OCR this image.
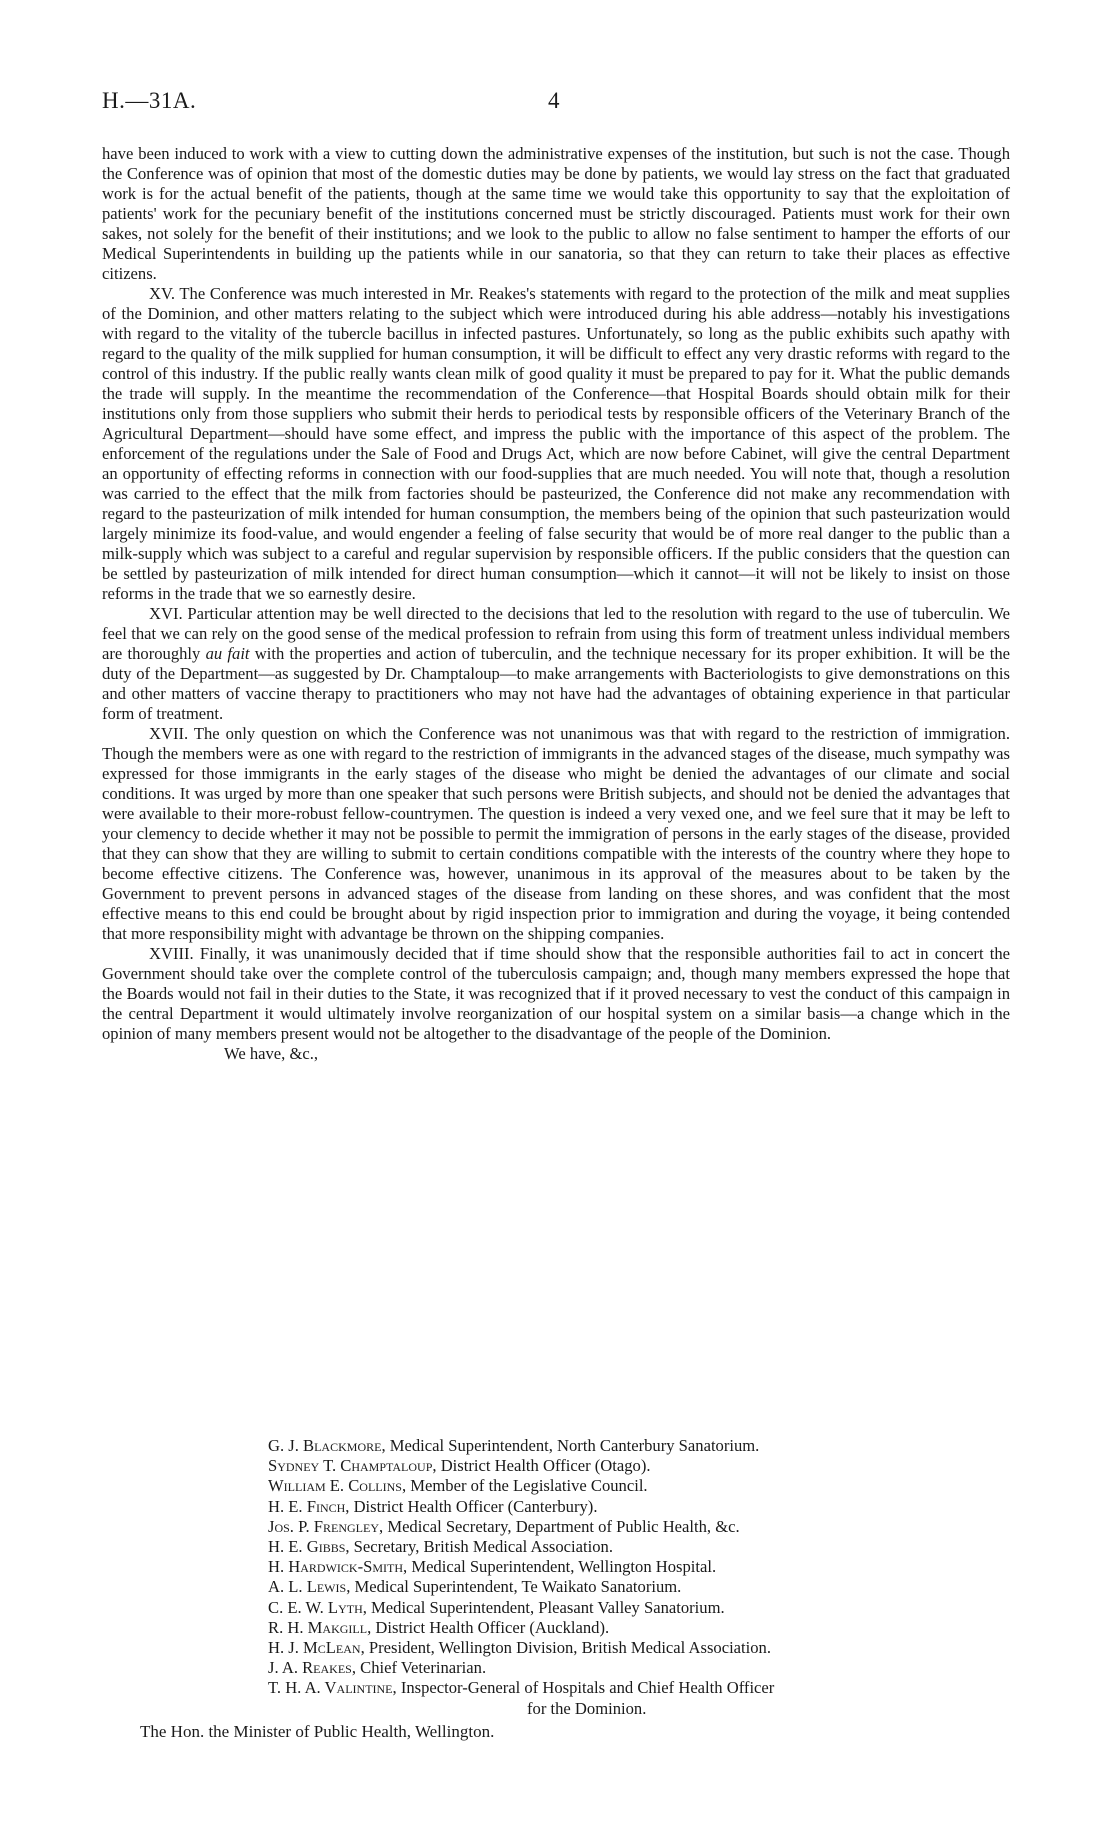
H.—31A.	4

have been induced to work with a view to cutting down the administrative expenses of the institution, but such is not the case. Though the Conference was of opinion that most of the domestic duties may be done by patients, we would lay stress on the fact that graduated work is for the actual benefit of the patients, though at the same time we would take this opportunity to say that the exploitation of patients' work for the pecuniary benefit of the institutions concerned must be strictly discouraged. Patients must work for their own sakes, not solely for the benefit of their institutions; and we look to the public to allow no false sentiment to hamper the efforts of our Medical Superintendents in building up the patients while in our sanatoria, so that they can return to take their places as effective citizens.

XV. The Conference was much interested in Mr. Reakes's statements with regard to the protection of the milk and meat supplies of the Dominion, and other matters relating to the subject which were introduced during his able address—notably his investigations with regard to the vitality of the tubercle bacillus in infected pastures. Unfortunately, so long as the public exhibits such apathy with regard to the quality of the milk supplied for human consumption, it will be difficult to effect any very drastic reforms with regard to the control of this industry. If the public really wants clean milk of good quality it must be prepared to pay for it. What the public demands the trade will supply. In the meantime the recommendation of the Conference—that Hospital Boards should obtain milk for their institutions only from those suppliers who submit their herds to periodical tests by responsible officers of the Veterinary Branch of the Agricultural Department—should have some effect, and impress the public with the importance of this aspect of the problem. The enforcement of the regulations under the Sale of Food and Drugs Act, which are now before Cabinet, will give the central Department an opportunity of effecting reforms in connection with our food-supplies that are much needed. You will note that, though a resolution was carried to the effect that the milk from factories should be pasteurized, the Conference did not make any recommendation with regard to the pasteurization of milk intended for human consumption, the members being of the opinion that such pasteurization would largely minimize its food-value, and would engender a feeling of false security that would be of more real danger to the public than a milk-supply which was subject to a careful and regular supervision by responsible officers. If the public considers that the question can be settled by pasteurization of milk intended for direct human consumption—which it cannot—it will not be likely to insist on those reforms in the trade that we so earnestly desire.

XVI. Particular attention may be well directed to the decisions that led to the resolution with regard to the use of tuberculin. We feel that we can rely on the good sense of the medical profession to refrain from using this form of treatment unless individual members are thoroughly au fait with the properties and action of tuberculin, and the technique necessary for its proper exhibition. It will be the duty of the Department—as suggested by Dr. Champtaloup—to make arrangements with Bacteriologists to give demonstrations on this and other matters of vaccine therapy to practitioners who may not have had the advantages of obtaining experience in that particular form of treatment.

XVII. The only question on which the Conference was not unanimous was that with regard to the restriction of immigration. Though the members were as one with regard to the restriction of immigrants in the advanced stages of the disease, much sympathy was expressed for those immigrants in the early stages of the disease who might be denied the advantages of our climate and social conditions. It was urged by more than one speaker that such persons were British subjects, and should not be denied the advantages that were available to their more-robust fellow-countrymen. The question is indeed a very vexed one, and we feel sure that it may be left to your clemency to decide whether it may not be possible to permit the immigration of persons in the early stages of the disease, provided that they can show that they are willing to submit to certain conditions compatible with the interests of the country where they hope to become effective citizens. The Conference was, however, unanimous in its approval of the measures about to be taken by the Government to prevent persons in advanced stages of the disease from landing on these shores, and was confident that the most effective means to this end could be brought about by rigid inspection prior to immigration and during the voyage, it being contended that more responsibility might with advantage be thrown on the shipping companies.

XVIII. Finally, it was unanimously decided that if time should show that the responsible authorities fail to act in concert the Government should take over the complete control of the tuberculosis campaign; and, though many members expressed the hope that the Boards would not fail in their duties to the State, it was recognized that if it proved necessary to vest the conduct of this campaign in the central Department it would ultimately involve reorganization of our hospital system on a similar basis—a change which in the opinion of many members present would not be altogether to the disadvantage of the people of the Dominion.

We have, &c.,

G. J. Blackmore, Medical Superintendent, North Canterbury Sanatorium.
Sydney T. Champtaloup, District Health Officer (Otago).
William E. Collins, Member of the Legislative Council.
H. E. Finch, District Health Officer (Canterbury).
Jos. P. Frengley, Medical Secretary, Department of Public Health, &c.
H. E. Gibbs, Secretary, British Medical Association.
H. Hardwick-Smith, Medical Superintendent, Wellington Hospital.
A. L. Lewis, Medical Superintendent, Te Waikato Sanatorium.
C. E. W. Lyth, Medical Superintendent, Pleasant Valley Sanatorium.
R. H. Makgill, District Health Officer (Auckland).
H. J. McLean, President, Wellington Division, British Medical Association.
J. A. Reakes, Chief Veterinarian.
T. H. A. Valintine, Inspector-General of Hospitals and Chief Health Officer
for the Dominion.
The Hon. the Minister of Public Health, Wellington.
